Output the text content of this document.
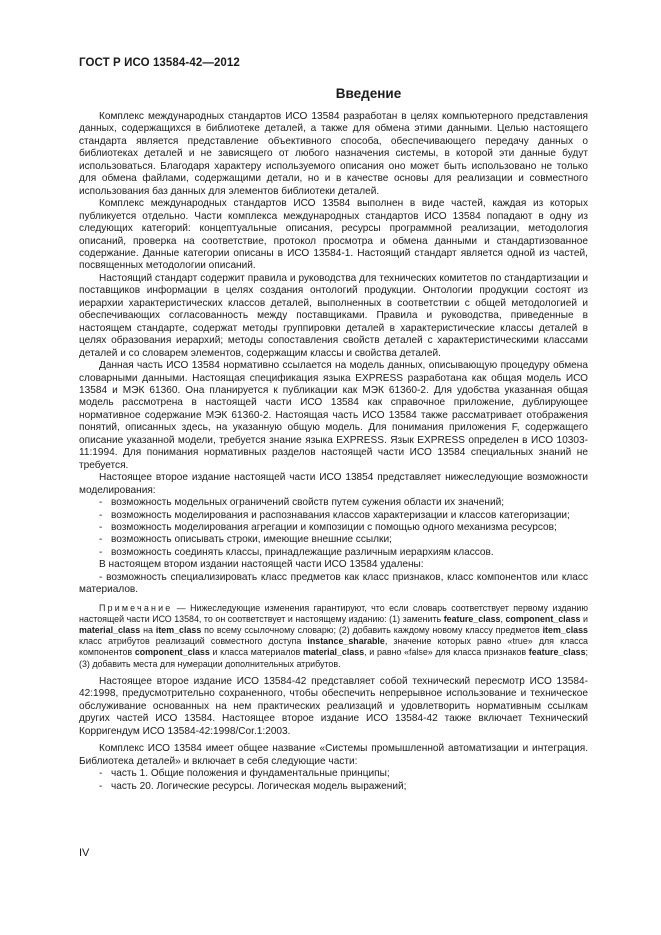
ГОСТ Р ИСО 13584-42—2012
Введение

Комплекс международных стандартов ИСО 13584 разработан в целях компьютерного представления данных, содержащихся в библиотеке деталей, а также для обмена этими данными. Целью настоящего стандарта является представление объективного способа, обеспечивающего передачу данных о библиотеках деталей и не зависящего от любого назначения системы, в которой эти данные будут использоваться. Благодаря характеру используемого описания оно может быть использовано не только для обмена файлами, содержащими детали, но и в качестве основы для реализации и совместного использования баз данных для элементов библиотеки деталей.

Комплекс международных стандартов ИСО 13584 выполнен в виде частей, каждая из которых публикуется отдельно. Части комплекса международных стандартов ИСО 13584 попадают в одну из следующих категорий: концептуальные описания, ресурсы программной реализации, методология описаний, проверка на соответствие, протокол просмотра и обмена данными и стандартизованное содержание. Данные категории описаны в ИСО 13584-1. Настоящий стандарт является одной из частей, посвященных методологии описаний.

Настоящий стандарт содержит правила и руководства для технических комитетов по стандартизации и поставщиков информации в целях создания онтологий продукции. Онтологии продукции состоят из иерархии характеристических классов деталей, выполненных в соответствии с общей методологией и обеспечивающих согласованность между поставщиками. Правила и руководства, приведенные в настоящем стандарте, содержат методы группировки деталей в характеристические классы деталей в целях образования иерархий; методы сопоставления свойств деталей с характеристическими классами деталей и со словарем элементов, содержащим классы и свойства деталей.

Данная часть ИСО 13584 нормативно ссылается на модель данных, описывающую процедуру обмена словарными данными. Настоящая спецификация языка EXPRESS разработана как общая модель ИСО 13584 и МЭК 61360. Она планируется к публикации как МЭК 61360-2. Для удобства указанная общая модель рассмотрена в настоящей части ИСО 13584 как справочное приложение, дублирующее нормативное содержание МЭК 61360-2. Настоящая часть ИСО 13584 также рассматривает отображения понятий, описанных здесь, на указанную общую модель. Для понимания приложения F, содержащего описание указанной модели, требуется знание языка EXPRESS. Язык EXPRESS определен в ИСО 10303-11:1994. Для понимания нормативных разделов настоящей части ИСО 13584 специальных знаний не требуется.

Настоящее второе издание настоящей части ИСО 13854 представляет нижеследующие возможности моделирования:

- возможность модельных ограничений свойств путем сужения области их значений;
- возможность моделирования и распознавания классов характеризации и классов категоризации;
- возможность моделирования агрегации и композиции с помощью одного механизма ресурсов;
- возможность описывать строки, имеющие внешние ссылки;
- возможность соединять классы, принадлежащие различным иерархиям классов.

В настоящем втором издании настоящей части ИСО 13584 удалены:

- возможность специализировать класс предметов как класс признаков, класс компонентов или класс материалов.

Примечание — Нижеследующие изменения гарантируют, что если словарь соответствует первому изданию настоящей части ИСО 13584, то он соответствует и настоящему изданию: (1) заменить feature_class, component_class и material_class на item_class по всему ссылочному словарю; (2) добавить каждому новому классу предметов item_class класс атрибутов реализаций совместного доступа instance_sharable, значение которых равно «true» для класса компонентов component_class и класса материалов material_class, и равно «false» для класса признаков feature_class; (3) добавить места для нумерации дополнительных атрибутов.

Настоящее второе издание ИСО 13584-42 представляет собой технический пересмотр ИСО 13584-42:1998, предусмотрительно сохраненного, чтобы обеспечить непрерывное использование и техническое обслуживание основанных на нем практических реализаций и удовлетворить нормативным ссылкам других частей ИСО 13584. Настоящее второе издание ИСО 13584-42 также включает Технический Корригендум ИСО 13584-42:1998/Cor.1:2003.

Комплекс ИСО 13584 имеет общее название «Системы промышленной автоматизации и интеграция. Библиотека деталей» и включает в себя следующие части:

- часть 1. Общие положения и фундаментальные принципы;
- часть 20. Логические ресурсы. Логическая модель выражений;
IV
